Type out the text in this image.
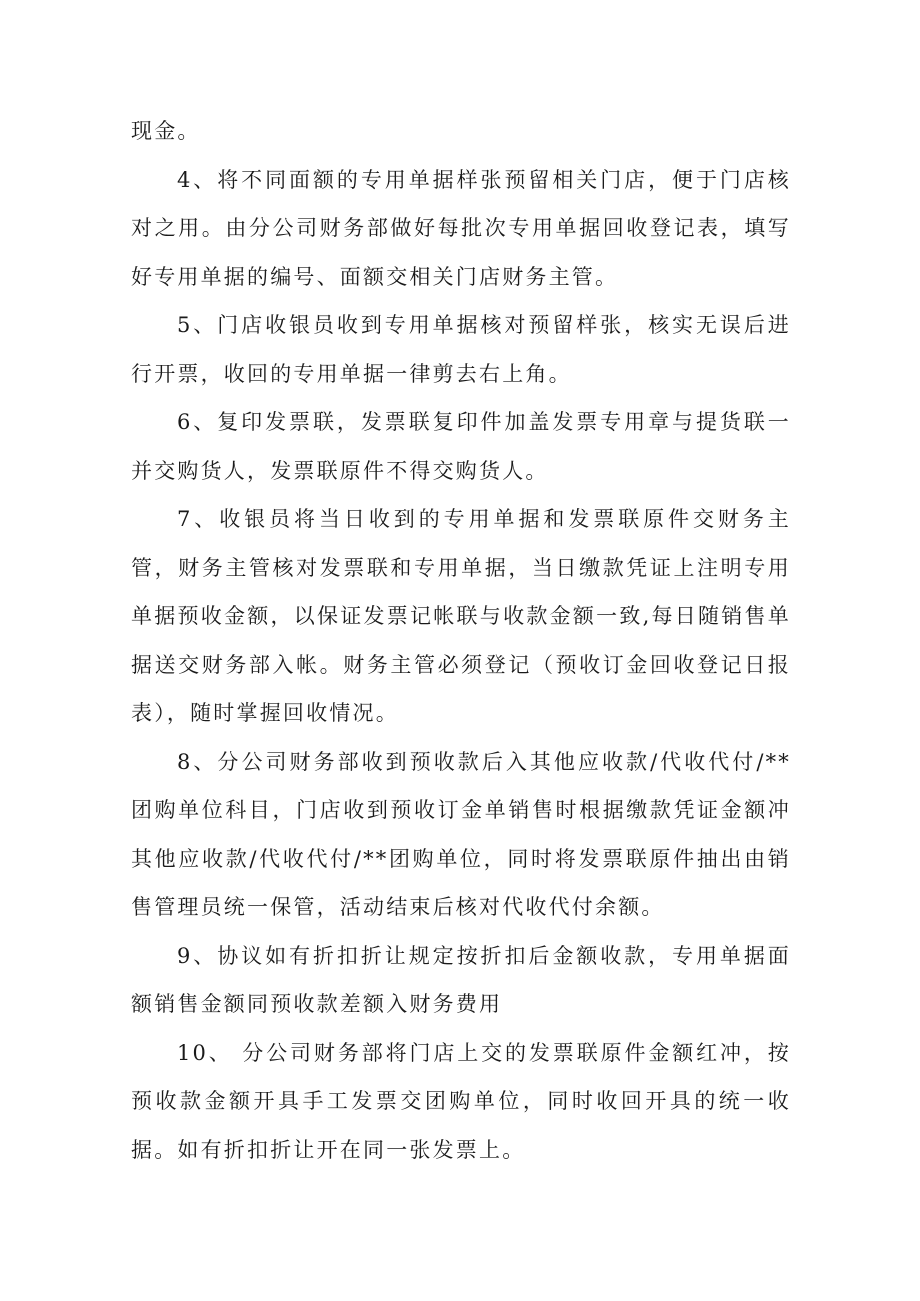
现金。

4、将不同面额的专用单据样张预留相关门店，便于门店核对之用。由分公司财务部做好每批次专用单据回收登记表，填写好专用单据的编号、面额交相关门店财务主管。

5、门店收银员收到专用单据核对预留样张，核实无误后进行开票，收回的专用单据一律剪去右上角。

6、复印发票联，发票联复印件加盖发票专用章与提货联一并交购货人，发票联原件不得交购货人。

7、收银员将当日收到的专用单据和发票联原件交财务主管，财务主管核对发票联和专用单据，当日缴款凭证上注明专用单据预收金额，以保证发票记帐联与收款金额一致,每日随销售单据送交财务部入帐。财务主管必须登记（预收订金回收登记日报表），随时掌握回收情况。

8、分公司财务部收到预收款后入其他应收款/代收代付/**团购单位科目，门店收到预收订金单销售时根据缴款凭证金额冲其他应收款/代收代付/**团购单位，同时将发票联原件抽出由销售管理员统一保管，活动结束后核对代收代付余额。

9、协议如有折扣折让规定按折扣后金额收款，专用单据面额销售金额同预收款差额入财务费用

10、 分公司财务部将门店上交的发票联原件金额红冲，按预收款金额开具手工发票交团购单位，同时收回开具的统一收据。如有折扣折让开在同一张发票上。
